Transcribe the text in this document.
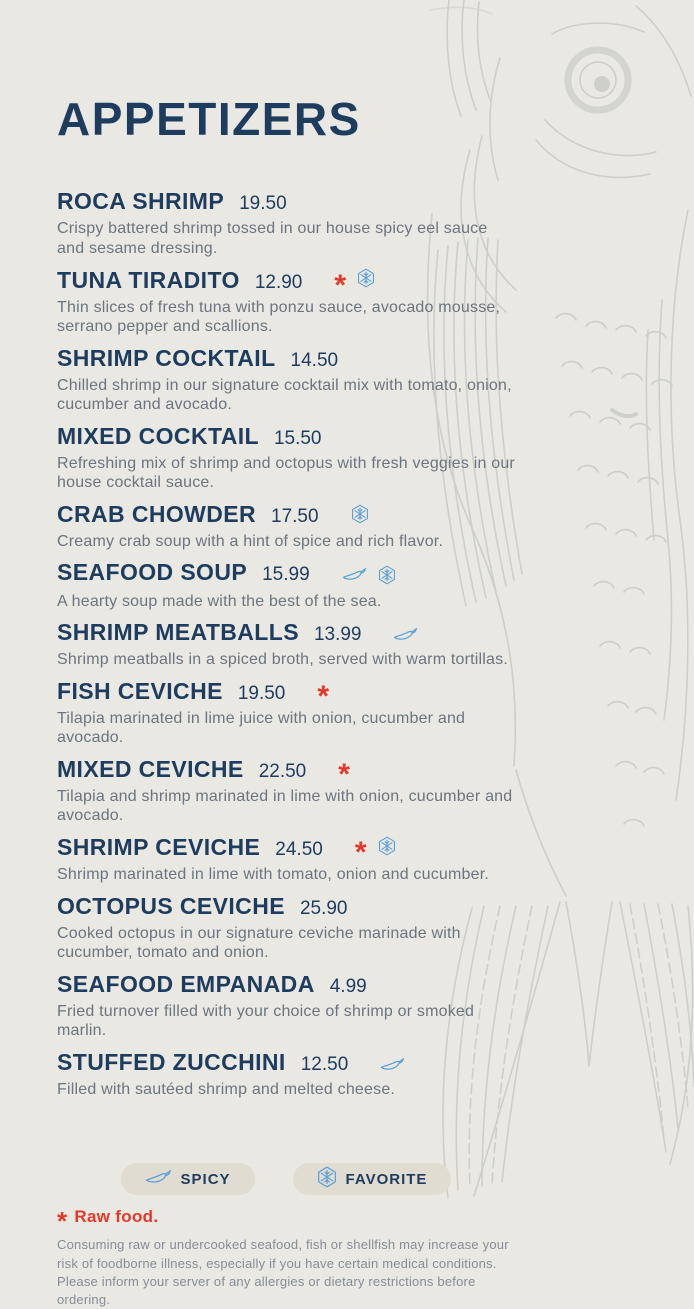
APPETIZERS
ROCA SHRIMP 19.50

Crispy battered shrimp tossed in our house spicy eel sauce and sesame dressing.

TUNA TIRADITO 12.90 *

Thin slices of fresh tuna with ponzu sauce, avocado mousse, serrano pepper and scallions.

SHRIMP COCKTAIL 14.50

Chilled shrimp in our signature cocktail mix with tomato, onion, cucumber and avocado.

MIXED COCKTAIL 15.50

Refreshing mix of shrimp and octopus with fresh veggies in our house cocktail sauce.

CRAB CHOWDER 17.50

Creamy crab soup with a hint of spice and rich flavor.

SEAFOOD SOUP 15.99

A hearty soup made with the best of the sea.

SHRIMP MEATBALLS 13.99

Shrimp meatballs in a spiced broth, served with warm tortillas.

FISH CEVICHE 19.50 *

Tilapia marinated in lime juice with onion, cucumber and avocado.

MIXED CEVICHE 22.50 *

Tilapia and shrimp marinated in lime with onion, cucumber and avocado.

SHRIMP CEVICHE 24.50 *

Shrimp marinated in lime with tomato, onion and cucumber.

OCTOPUS CEVICHE 25.90

Cooked octopus in our signature ceviche marinade with cucumber, tomato and onion.

SEAFOOD EMPANADA 4.99

Fried turnover filled with your choice of shrimp or smoked marlin.

STUFFED ZUCCHINI 12.50

Filled with sautéed shrimp and melted cheese.

SPICY	FAVORITE
* Raw food.

Consuming raw or undercooked seafood, fish or shellfish may increase your risk of foodborne illness, especially if you have certain medical conditions.

Please inform your server of any allergies or dietary restrictions before ordering.
